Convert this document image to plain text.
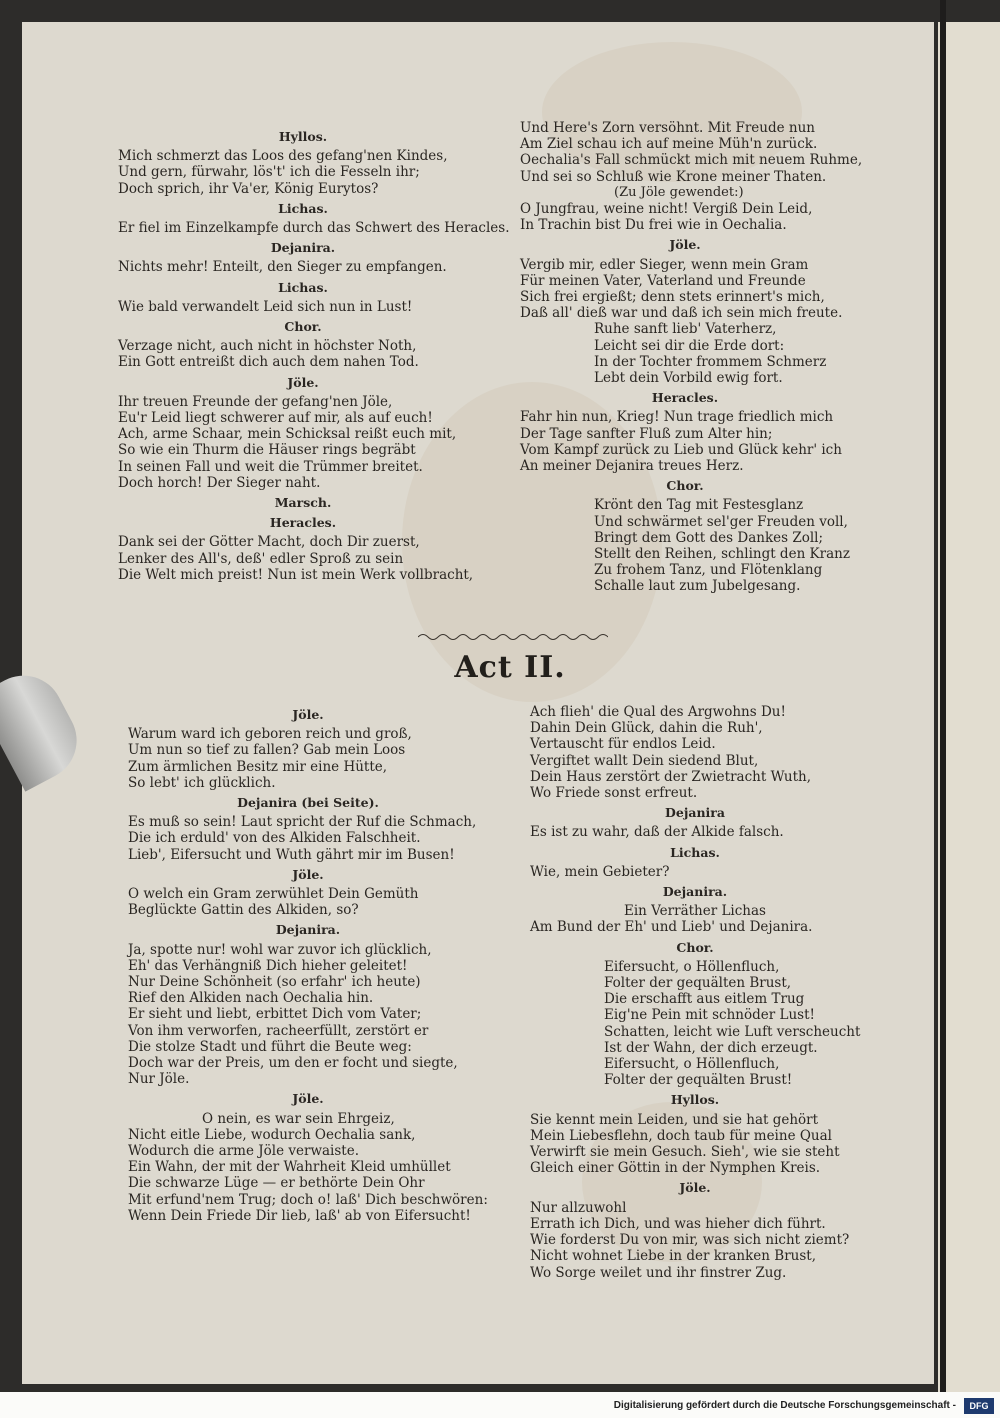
Hyllos.
Mich schmerzt das Loos des gefang'nen Kindes,
Und gern, fürwahr, lös't' ich die Fesseln ihr;
Doch sprich, ihr Va'er, König Eurytos?
Lichas.
Er fiel im Einzelkampfe durch das Schwert des Heracles.
Dejanira.
Nichts mehr! Enteilt, den Sieger zu empfangen.
Lichas.
Wie bald verwandelt Leid sich nun in Lust!
Chor.
Verzage nicht, auch nicht in höchster Noth,
Ein Gott entreißt dich auch dem nahen Tod.
Jöle.
Ihr treuen Freunde der gefang'nen Jöle,
Eu'r Leid liegt schwerer auf mir, als auf euch!
Ach, arme Schaar, mein Schicksal reißt euch mit,
So wie ein Thurm die Häuser rings begräbt
In seinen Fall und weit die Trümmer breitet.
Doch horch! Der Sieger naht.
Marsch.
Heracles.
Dank sei der Götter Macht, doch Dir zuerst,
Lenker des All's, deß' edler Sproß zu sein
Die Welt mich preist! Nun ist mein Werk vollbracht,
Und Here's Zorn versöhnt. Mit Freude nun
Am Ziel schau ich auf meine Müh'n zurück.
Oechalia's Fall schmückt mich mit neuem Ruhme,
Und sei so Schluß wie Krone meiner Thaten.
(Zu Jöle gewendet:)
O Jungfrau, weine nicht! Vergiß Dein Leid,
In Trachin bist Du frei wie in Oechalia.
Jöle.
Vergib mir, edler Sieger, wenn mein Gram
Für meinen Vater, Vaterland und Freunde
Sich frei ergießt; denn stets erinnert's mich,
Daß all' dieß war und daß ich sein mich freute.
Ruhe sanft lieb' Vaterherz,
Leicht sei dir die Erde dort:
In der Tochter frommem Schmerz
Lebt dein Vorbild ewig fort.
Heracles.
Fahr hin nun, Krieg! Nun trage friedlich mich
Der Tage sanfter Fluß zum Alter hin;
Vom Kampf zurück zu Lieb und Glück kehr' ich
An meiner Dejanira treues Herz.
Chor.
Krönt den Tag mit Festesglanz
Und schwärmet sel'ger Freuden voll,
Bringt dem Gott des Dankes Zoll;
Stellt den Reihen, schlingt den Kranz
Zu frohem Tanz, und Flötenklang
Schalle laut zum Jubelgesang.
Act II.
Jöle.
Warum ward ich geboren reich und groß,
Um nun so tief zu fallen? Gab mein Loos
Zum ärmlichen Besitz mir eine Hütte,
So lebt' ich glücklich.
Dejanira (bei Seite).
Es muß so sein! Laut spricht der Ruf die Schmach,
Die ich erduld' von des Alkiden Falschheit.
Lieb', Eifersucht und Wuth gährt mir im Busen!
Jöle.
O welch ein Gram zerwühlet Dein Gemüth
Beglückte Gattin des Alkiden, so?
Dejanira.
Ja, spotte nur! wohl war zuvor ich glücklich,
Eh' das Verhängniß Dich hieher geleitet!
Nur Deine Schönheit (so erfahr' ich heute)
Rief den Alkiden nach Oechalia hin.
Er sieht und liebt, erbittet Dich vom Vater;
Von ihm verworfen, racheerfüllt, zerstört er
Die stolze Stadt und führt die Beute weg:
Doch war der Preis, um den er focht und siegte,
Nur Jöle.
Jöle.
O nein, es war sein Ehrgeiz,
Nicht eitle Liebe, wodurch Oechalia sank,
Wodurch die arme Jöle verwaiste.
Ein Wahn, der mit der Wahrheit Kleid umhüllet
Die schwarze Lüge — er bethörte Dein Ohr
Mit erfund'nem Trug; doch o! laß' Dich beschwören:
Wenn Dein Friede Dir lieb, laß' ab von Eifersucht!
Ach flieh' die Qual des Argwohns Du!
Dahin Dein Glück, dahin die Ruh',
Vertauscht für endlos Leid.
Vergiftet wallt Dein siedend Blut,
Dein Haus zerstört der Zwietracht Wuth,
Wo Friede sonst erfreut.
Dejanira
Es ist zu wahr, daß der Alkide falsch.
Lichas.
Wie, mein Gebieter?
Dejanira.
Ein Verräther Lichas
Am Bund der Eh' und Lieb' und Dejanira.
Chor.
Eifersucht, o Höllenfluch,
Folter der gequälten Brust,
Die erschafft aus eitlem Trug
Eig'ne Pein mit schnöder Lust!
Schatten, leicht wie Luft verscheucht
Ist der Wahn, der dich erzeugt.
Eifersucht, o Höllenfluch,
Folter der gequälten Brust!
Hyllos.
Sie kennt mein Leiden, und sie hat gehört
Mein Liebesflehn, doch taub für meine Qual
Verwirft sie mein Gesuch. Sieh', wie sie steht
Gleich einer Göttin in der Nymphen Kreis.
Jöle.
Nur allzuwohl
Errath ich Dich, und was hieher dich führt.
Wie forderst Du von mir, was sich nicht ziemt?
Nicht wohnet Liebe in der kranken Brust,
Wo Sorge weilet und ihr finstrer Zug.
Digitalisierung gefördert durch die Deutsche Forschungsgemeinschaft -	DFG
